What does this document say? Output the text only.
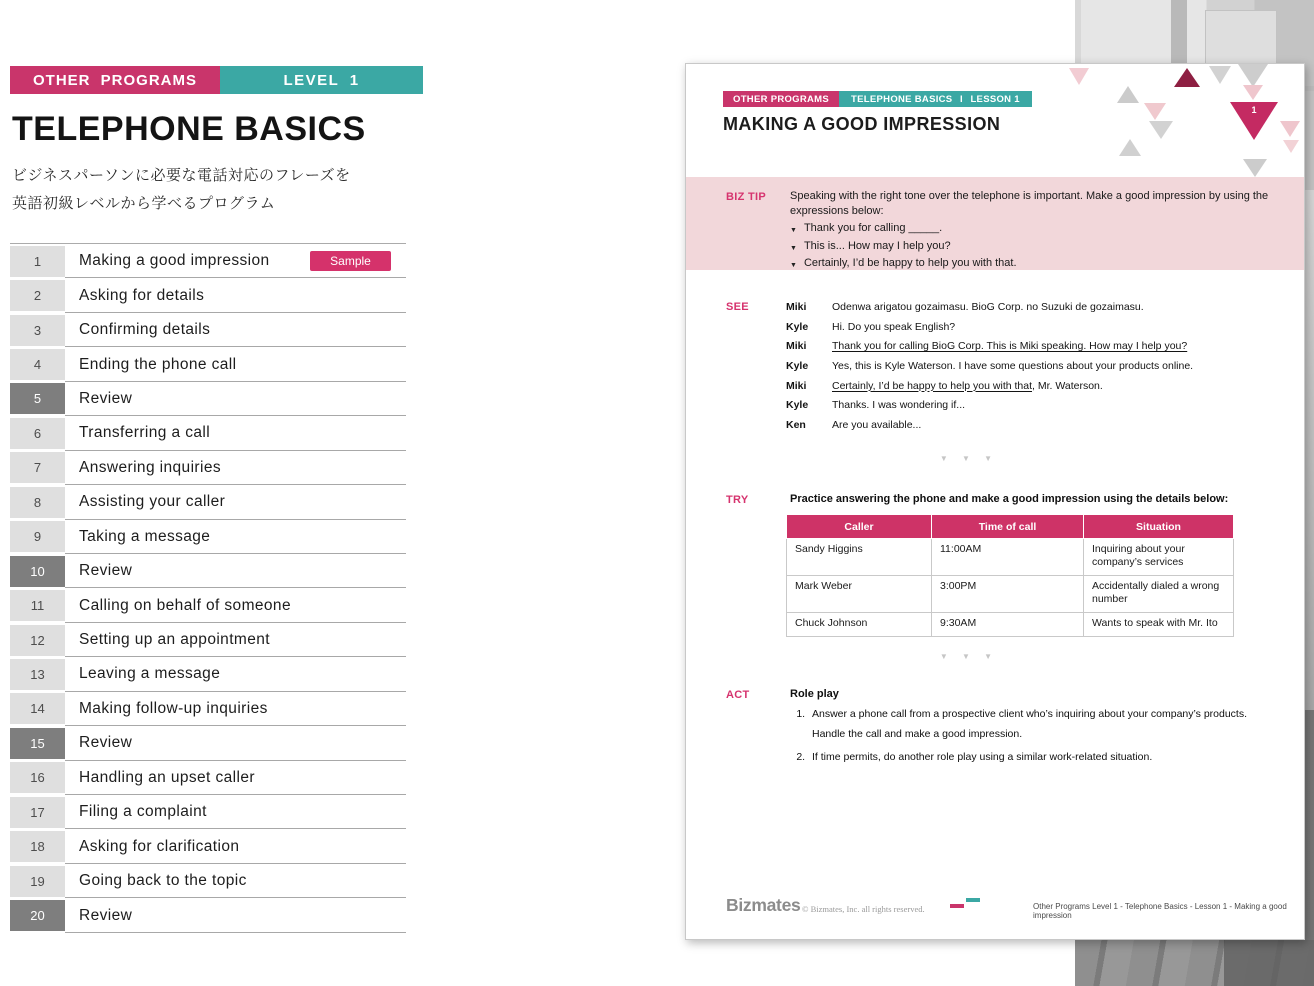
OTHER PROGRAMS	LEVEL 1
TELEPHONE BASICS
ビジネスパーソンに必要な電話対応のフレーズを
英語初級レベルから学べるプログラム
1	Making a good impression	Sample
2	Asking for details
3	Confirming details
4	Ending the phone call
5	Review
6	Transferring a call
7	Answering inquiries
8	Assisting your caller
9	Taking a message
10	Review
11	Calling on behalf of someone
12	Setting up an appointment
13	Leaving a message
14	Making follow-up inquiries
15	Review
16	Handling an upset caller
17	Filing a complaint
18	Asking for clarification
19	Going back to the topic
20	Review
OTHER PROGRAMS	TELEPHONE BASICS I LESSON 1
MAKING A GOOD IMPRESSION
1
BIZ TIP Speaking with the right tone over the telephone is important. Make a good impression by using the expressions below:
▼ Thank you for calling _____.
▼ This is... How may I help you?
▼ Certainly, I’d be happy to help you with that.
SEE	Miki	Odenwa arigatou gozaimasu. BioG Corp. no Suzuki de gozaimasu.
Kyle	Hi. Do you speak English?
Miki	Thank you for calling BioG Corp. This is Miki speaking. How may I help you?
Kyle	Yes, this is Kyle Waterson. I have some questions about your products online.
Miki	Certainly, I’d be happy to help you with that, Mr. Waterson.
Kyle	Thanks. I was wondering if...
Ken	Are you available...
▼ ▼ ▼
TRY	Practice answering the phone and make a good impression using the details below:
Caller	Time of call	Situation
Sandy Higgins	11:00AM	Inquiring about your company’s services
Mark Weber	3:00PM	Accidentally dialed a wrong number
Chuck Johnson	9:30AM	Wants to speak with Mr. Ito
▼ ▼ ▼
ACT	Role play
1. Answer a phone call from a prospective client who’s inquiring about your company’s products. Handle the call and make a good impression.
2. If time permits, do another role play using a similar work-related situation.
Bizmates © Bizmates, Inc. all rights reserved.	Other Programs Level 1 - Telephone Basics - Lesson 1 - Making a good impression
